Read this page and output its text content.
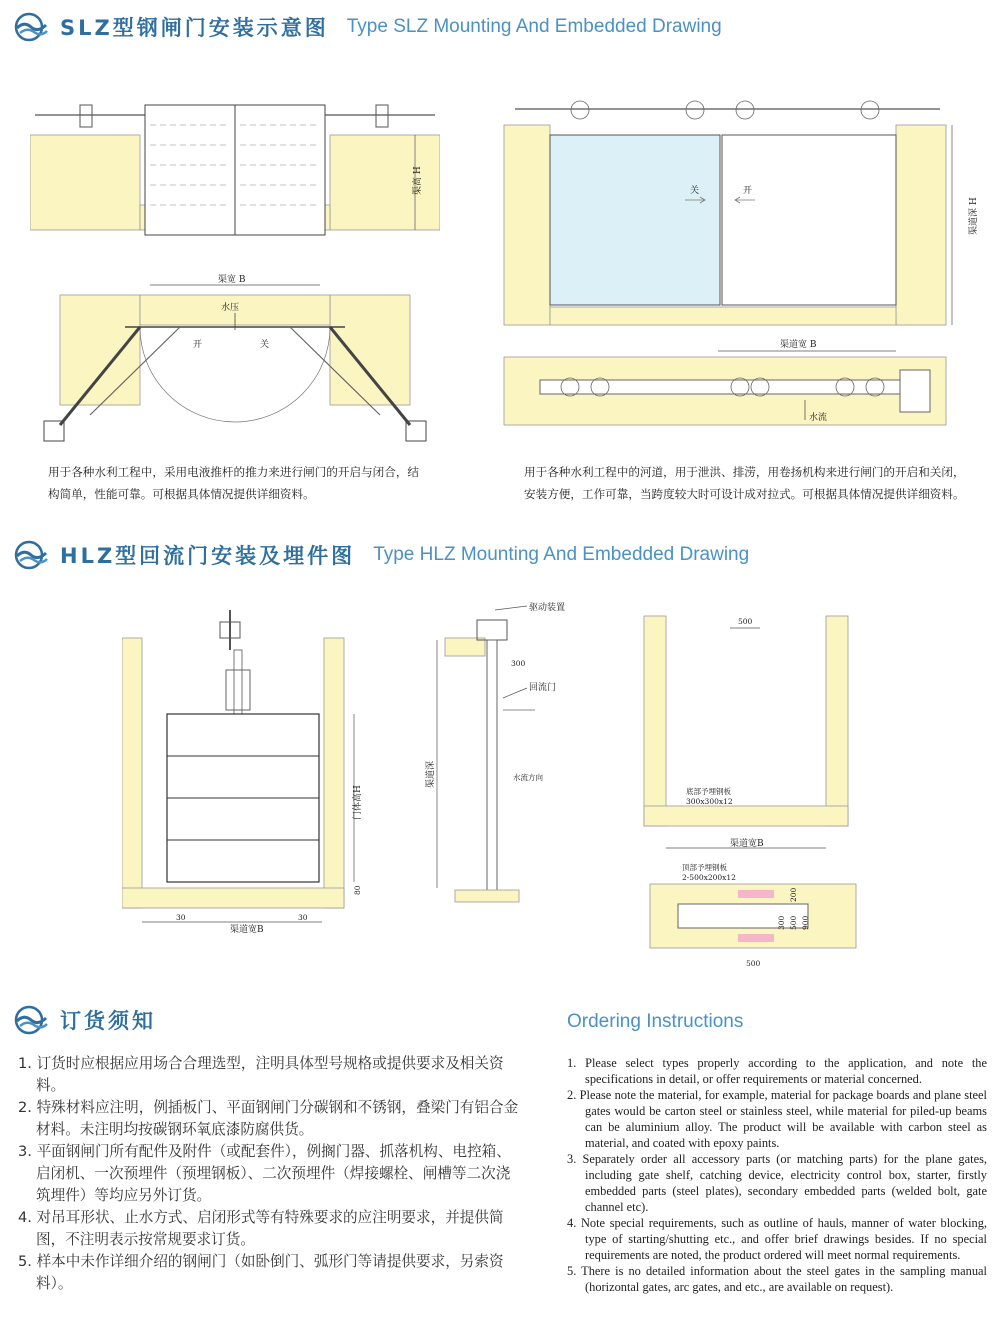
SLZ型钢闸门安装示意图 Type SLZ Mounting And Embedded Drawing
渠高 H
渠宽 B
水压
开	关
关	开
渠道深 H
渠道宽 B
水流

用于各种水利工程中，采用电液推杆的推力来进行闸门的开启与闭合，结构简单，性能可靠。可根据具体情况提供详细资料。

用于各种水利工程中的河道，用于泄洪、排涝，用卷扬机构来进行闸门的开启和关闭，安装方便，工作可靠，当跨度较大时可设计成对拉式。可根据具体情况提供详细资料。

HLZ型回流门安装及埋件图 Type HLZ Mounting And Embedded Drawing
门体高H
80
30	30
渠道宽B
驱动装置
300
回流门
水流方向
渠道深
500
底部予埋钢板
300x300x12
渠道宽B
顶部予埋钢板
2-500x200x12
200
300 500 900
500
订货须知	Ordering Instructions
1. 订货时应根据应用场合合理选型，注明具体型号规格或提供要求及相关资料。
2. 特殊材料应注明，例插板门、平面钢闸门分碳钢和不锈钢，叠梁门有铝合金材料。未注明均按碳钢环氧底漆防腐供货。
3. 平面钢闸门所有配件及附件（或配套件），例搁门器、抓落机构、电控箱、启闭机、一次预埋件（预埋钢板）、二次预埋件（焊接螺栓、闸槽等二次浇筑埋件）等均应另外订货。
4. 对吊耳形状、止水方式、启闭形式等有特殊要求的应注明要求，并提供简图，不注明表示按常规要求订货。
5. 样本中未作详细介绍的钢闸门（如卧倒门、弧形门等请提供要求，另索资料）。
1. Please select types properly according to the application, and note the specifications in detail, or offer requirements or material concerned.
2. Please note the material, for example, material for package boards and plane steel gates would be carton steel or stainless steel, while material for piled-up beams can be aluminium alloy. The product will be available with carbon steel as material, and coated with epoxy paints.
3. Separately order all accessory parts (or matching parts) for the plane gates, including gate shelf, catching device, electricity control box, starter, firstly embedded parts (steel plates), secondary embedded parts (welded bolt, gate channel etc).
4. Note special requirements, such as outline of hauls, manner of water blocking, type of starting/shutting etc., and offer brief drawings besides. If no special requirements are noted, the product ordered will meet normal requirements.
5. There is no detailed information about the steel gates in the sampling manual (horizontal gates, arc gates, and etc., are available on request).
